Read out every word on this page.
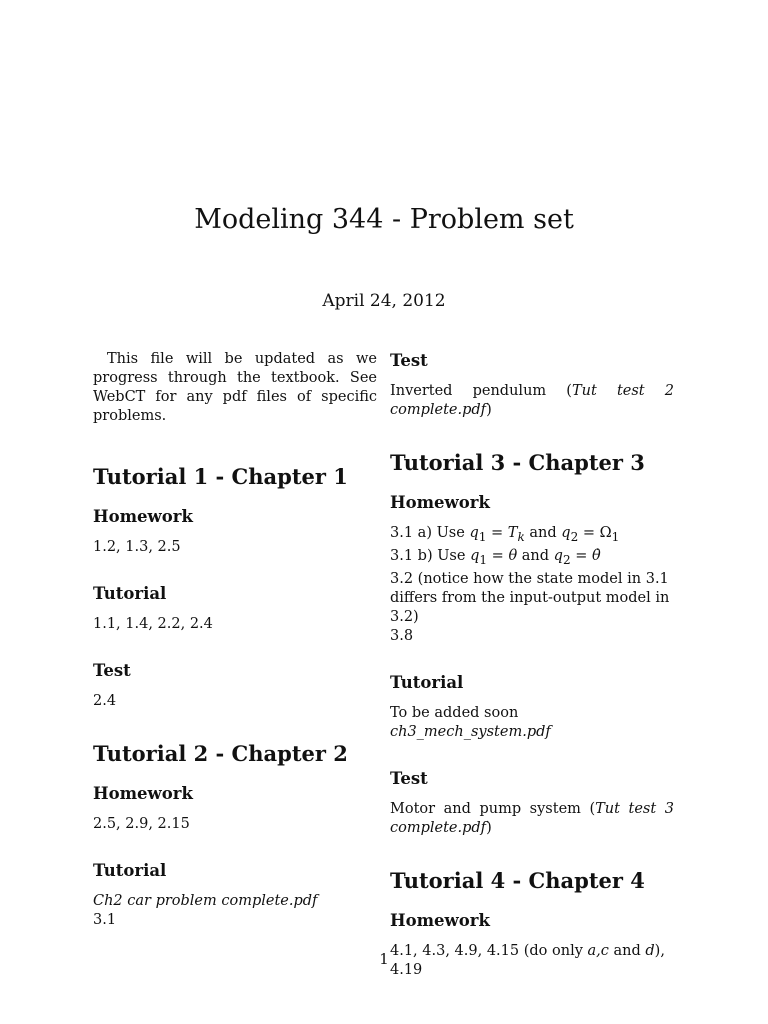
Modeling 344 - Problem set
April 24, 2012

This file will be updated as we progress through the textbook. See WebCT for any pdf files of specific problems.

Tutorial 1 - Chapter 1
Homework

1.2, 1.3, 2.5

Tutorial

1.1, 1.4, 2.2, 2.4

Test

2.4

Tutorial 2 - Chapter 2
Homework

2.5, 2.9, 2.15

Tutorial

Ch2 car problem complete.pdf

3.1

Test

Inverted pendulum (Tut test 2 complete.pdf)

Tutorial 3 - Chapter 3
Homework

3.1 a) Use $q_1 = T_k$ and $q_2 = \Omega_1$

3.1 b) Use $q_1 = \theta$ and $q_2$ = θ̇

3.2 (notice how the state model in 3.1 differs from the input-output model in 3.2)

3.8

Tutorial

To be added soon ch3_mech_system.pdf

Test

Motor and pump system (Tut test 3 complete.pdf)

Tutorial 4 - Chapter 4
Homework

4.1, 4.3, 4.9, 4.15 (do only a,c and d), 4.19

1
